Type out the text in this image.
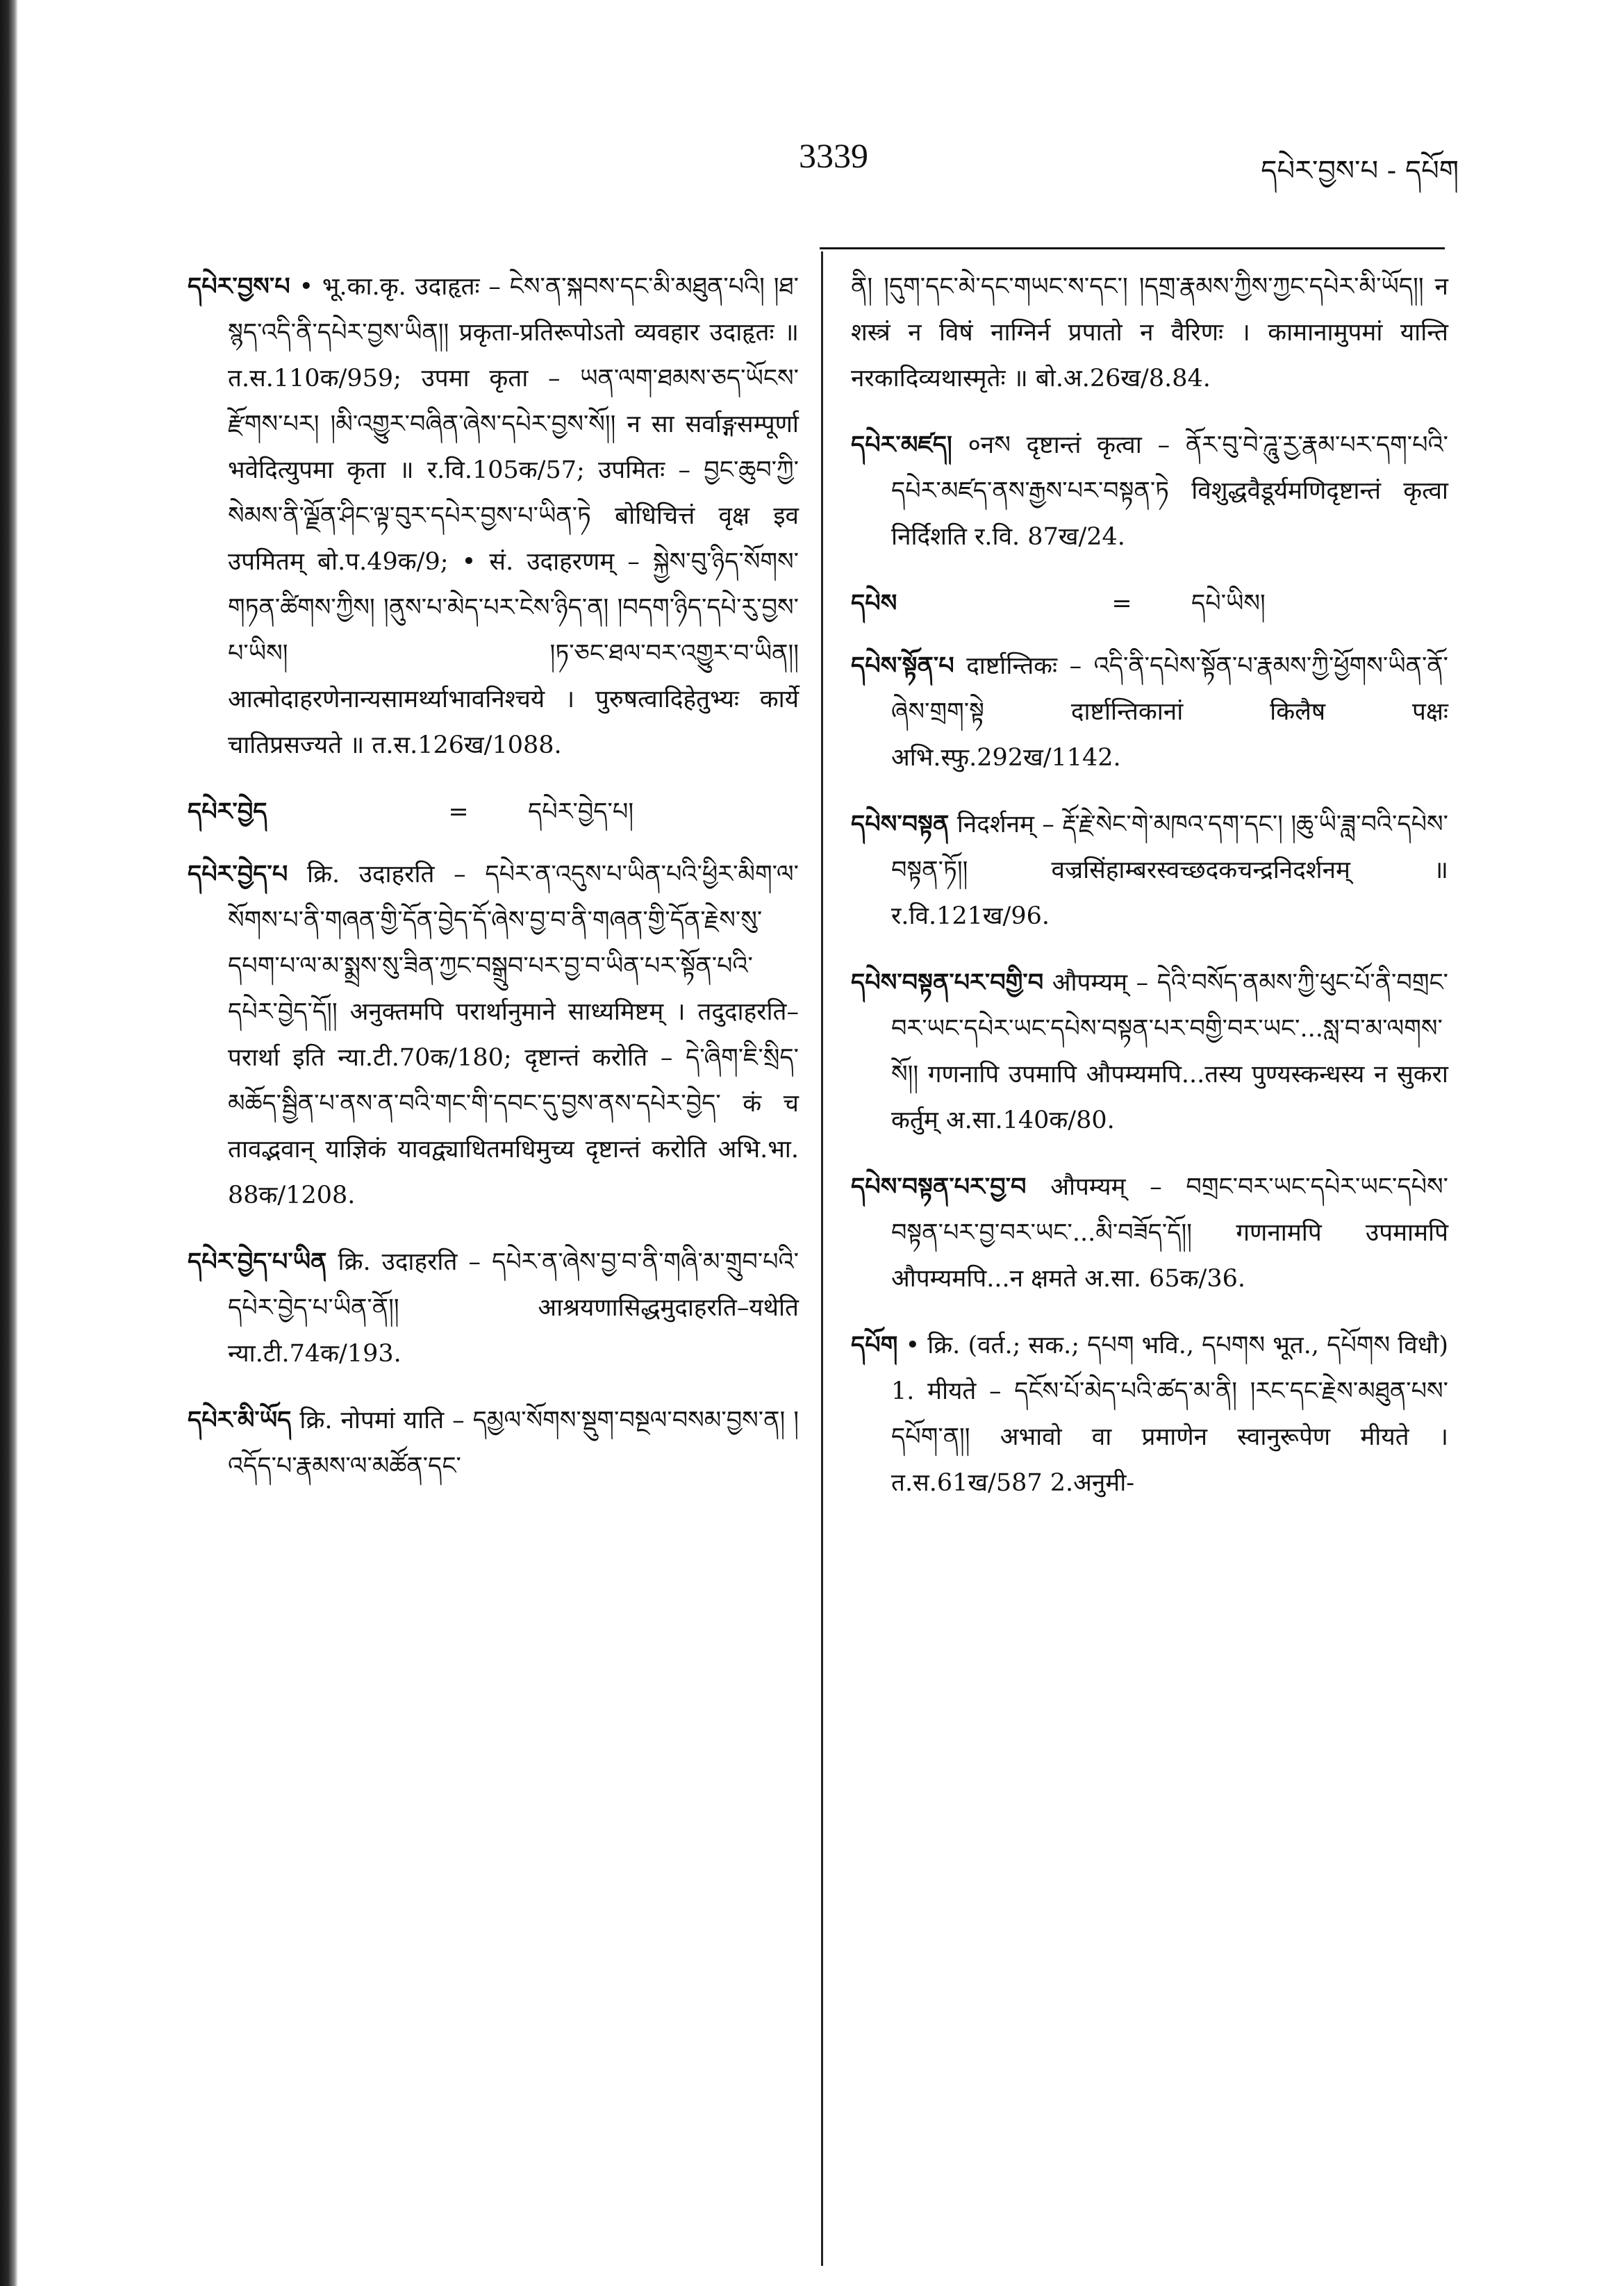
3339	དཔེར་བྱས་པ - དཔོག

དཔེར་བྱས་པ • भू.का.कृ. उदाहृतः – ངེས་ན་སྐབས་དང་མི་མཐུན་པའི། །ཐ་སྙད་འདི་ནི་དཔེར་བྱས་ཡིན།། प्रकृता-प्रतिरूपोऽतो व्यवहार उदाहृतः ॥ त.स.110क/959; उपमा कृता – ཡན་ལག་ཐམས་ཅད་ཡོངས་རྫོགས་པར། །མི་འགྱུར་བཞིན་ཞེས་དཔེར་བྱས་སོ།། न सा सर्वाङ्गसम्पूर्णा भवेदित्युपमा कृता ॥ र.वि.105क/57; उपमितः – བྱང་ཆུབ་ཀྱི་སེམས་ནི་ལྗོན་ཤིང་ལྟ་བུར་དཔེར་བྱས་པ་ཡིན་ཏེ बोधिचित्तं वृक्ष इव उपमितम् बो.प.49क/9; • सं. उदाहरणम् – སྐྱེས་བུ་ཉིད་སོགས་གཏན་ཚིགས་ཀྱིས། །ནུས་པ་མེད་པར་ངེས་ཉིད་ན། །བདག་ཉིད་དཔེ་རུ་བྱས་པ་ཡིས། །ཏ་ཅང་ཐལ་བར་འགྱུར་བ་ཡིན།། आत्मोदाहरणेनान्यसामर्थ्याभावनिश्चये । पुरुषत्वादिहेतुभ्यः कार्ये चातिप्रसज्यते ॥ त.स.126ख/1088.

དཔེར་བྱེད	=	དཔེར་བྱེད་པ།

དཔེར་བྱེད་པ क्रि. उदाहरति – དཔེར་ན་འདུས་པ་ཡིན་པའི་ཕྱིར་མིག་ལ་སོགས་པ་ནི་གཞན་གྱི་དོན་བྱེད་དོ་ཞེས་བྱ་བ་ནི་གཞན་གྱི་དོན་རྗེས་སུ་དཔག་པ་ལ་མ་སྨྲས་སུ་ཟིན་ཀྱང་བསྒྲུབ་པར་བྱ་བ་ཡིན་པར་སྟོན་པའི་དཔེར་བྱེད་དོ།། अनुक्तमपि परार्थानुमाने साध्यमिष्टम् । तदुदाहरति–परार्था इति न्या.टी.70क/180; दृष्टान्तं करोति – དེ་ཞིག་ཇི་སྲིད་མཆོད་སྦྱིན་པ་ནས་ན་བའི་གང་གི་དབང་དུ་བྱས་ནས་དཔེར་བྱེད་ कं च तावद्भवान् याज्ञिकं यावद्व्याधितमधिमुच्य दृष्टान्तं करोति अभि.भा. 88क/1208.

དཔེར་བྱེད་པ་ཡིན क्रि. उदाहरति – དཔེར་ན་ཞེས་བྱ་བ་ནི་གཞི་མ་གྲུབ་པའི་དཔེར་བྱེད་པ་ཡིན་ནོ།། आश्रयणासिद्धमुदाहरति–यथेति न्या.टी.74क/193.

དཔེར་མི་ཡོད क्रि. नोपमां याति – དམྱལ་སོགས་སྡུག་བསྔལ་བསམ་བྱས་ན། །འདོད་པ་རྣམས་ལ་མཚོན་དང་

ནི། །དུག་དང་མེ་དང་གཡང་ས་དང་། །དགྲ་རྣམས་ཀྱིས་ཀྱང་དཔེར་མི་ཡོད།། न शस्त्रं न विषं नाग्निर्न प्रपातो न वैरिणः । कामानामुपमां यान्ति नरकादिव्यथास्मृतेः ॥ बो.अ.26ख/8.84.

དཔེར་མཛད། ०नས दृष्टान्तं कृत्वा – ནོར་བུ་བེ་ཌཱུ་རྱ་རྣམ་པར་དག་པའི་དཔེར་མཛད་ནས་རྒྱས་པར་བསྟན་ཏེ विशुद्धवैडूर्यमणिदृष्टान्तं कृत्वा निर्दिशति र.वि. 87ख/24.

དཔེས	=	དཔེ་ཡིས།

དཔེས་སྟོན་པ दार्ष्टान्तिकः – འདི་ནི་དཔེས་སྟོན་པ་རྣམས་ཀྱི་ཕྱོགས་ཡིན་ནོ་ཞེས་གྲག་སྟེ दार्ष्टान्तिकानां किलैष पक्षः अभि.स्फु.292ख/1142.

དཔེས་བསྟན निदर्शनम् – རྡོ་རྗེ་སེང་གེ་མཁའ་དག་དང་། །ཆུ་ཡི་ཟླ་བའི་དཔེས་བསྟན་ཏོ།། वज्रसिंहाम्बरस्वच्छदकचन्द्रनिदर्शनम् ॥ र.वि.121ख/96.

དཔེས་བསྟན་པར་བགྱི་བ औपम्यम् – དེའི་བསོད་ནམས་ཀྱི་ཕུང་པོ་ནི་བགྲང་བར་ཡང་དཔེར་ཡང་དཔེས་བསྟན་པར་བགྱི་བར་ཡང་...སླ་བ་མ་ལགས་སོ།། गणनापि उपमापि औपम्यमपि...तस्य पुण्यस्कन्धस्य न सुकरा कर्तुम् अ.सा.140क/80.

དཔེས་བསྟན་པར་བྱ་བ औपम्यम् – བགྲང་བར་ཡང་དཔེར་ཡང་དཔེས་བསྟན་པར་བྱ་བར་ཡང་...མི་བཟོད་དོ།། गणनामपि उपमामपि औपम्यमपि...न क्षमते अ.सा. 65क/36.

དཔོག • क्रि. (वर्त.; सक.; དཔག भवि., དཔགས भूत., དཔོགས विधौ) 1. मीयते – དངོས་པོ་མེད་པའི་ཚད་མ་ནི། །རང་དང་རྗེས་མཐུན་པས་དཔོག་ན།། अभावो वा प्रमाणेन स्वानुरूपेण मीयते । त.स.61ख/587 2.अनुमी-
